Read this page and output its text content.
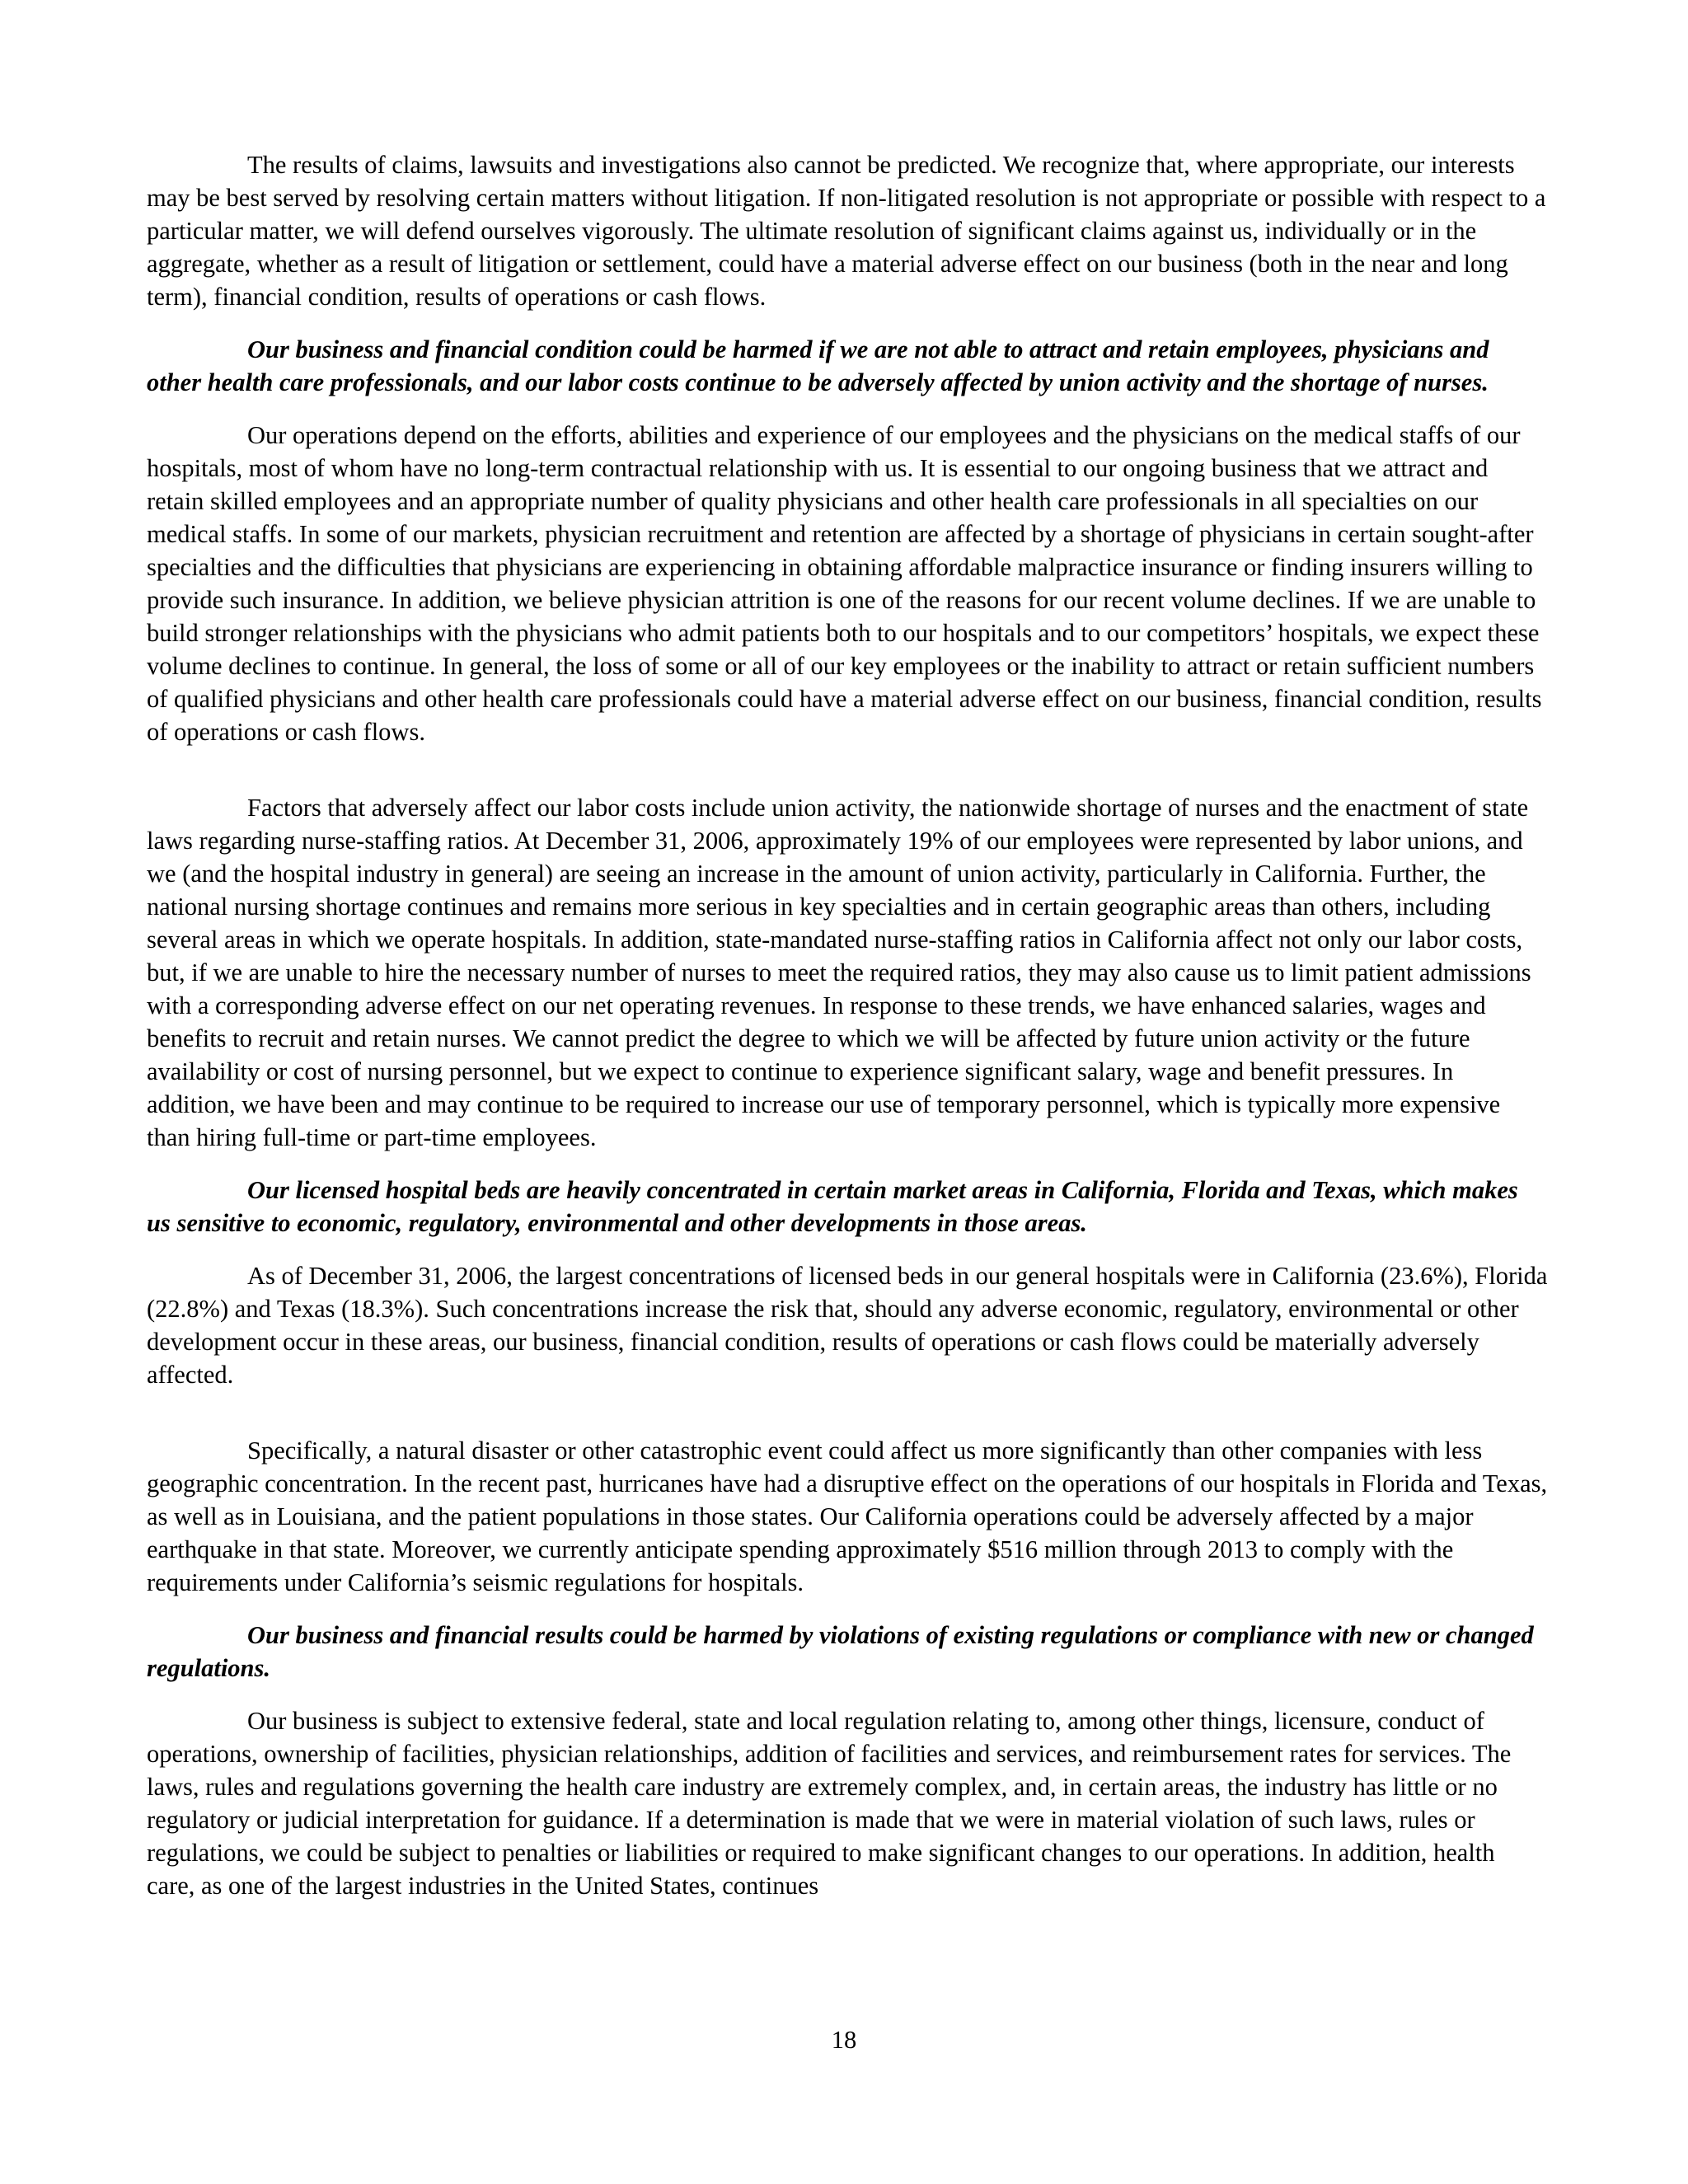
The results of claims, lawsuits and investigations also cannot be predicted. We recognize that, where appropriate, our interests may be best served by resolving certain matters without litigation. If non-litigated resolution is not appropriate or possible with respect to a particular matter, we will defend ourselves vigorously. The ultimate resolution of significant claims against us, individually or in the aggregate, whether as a result of litigation or settlement, could have a material adverse effect on our business (both in the near and long term), financial condition, results of operations or cash flows.

Our business and financial condition could be harmed if we are not able to attract and retain employees, physicians and other health care professionals, and our labor costs continue to be adversely affected by union activity and the shortage of nurses.

Our operations depend on the efforts, abilities and experience of our employees and the physicians on the medical staffs of our hospitals, most of whom have no long-term contractual relationship with us. It is essential to our ongoing business that we attract and retain skilled employees and an appropriate number of quality physicians and other health care professionals in all specialties on our medical staffs. In some of our markets, physician recruitment and retention are affected by a shortage of physicians in certain sought-after specialties and the difficulties that physicians are experiencing in obtaining affordable malpractice insurance or finding insurers willing to provide such insurance. In addition, we believe physician attrition is one of the reasons for our recent volume declines. If we are unable to build stronger relationships with the physicians who admit patients both to our hospitals and to our competitors’ hospitals, we expect these volume declines to continue. In general, the loss of some or all of our key employees or the inability to attract or retain sufficient numbers of qualified physicians and other health care professionals could have a material adverse effect on our business, financial condition, results of operations or cash flows.

Factors that adversely affect our labor costs include union activity, the nationwide shortage of nurses and the enactment of state laws regarding nurse-staffing ratios. At December 31, 2006, approximately 19% of our employees were represented by labor unions, and we (and the hospital industry in general) are seeing an increase in the amount of union activity, particularly in California. Further, the national nursing shortage continues and remains more serious in key specialties and in certain geographic areas than others, including several areas in which we operate hospitals. In addition, state-mandated nurse-staffing ratios in California affect not only our labor costs, but, if we are unable to hire the necessary number of nurses to meet the required ratios, they may also cause us to limit patient admissions with a corresponding adverse effect on our net operating revenues. In response to these trends, we have enhanced salaries, wages and benefits to recruit and retain nurses. We cannot predict the degree to which we will be affected by future union activity or the future availability or cost of nursing personnel, but we expect to continue to experience significant salary, wage and benefit pressures. In addition, we have been and may continue to be required to increase our use of temporary personnel, which is typically more expensive than hiring full-time or part-time employees.

Our licensed hospital beds are heavily concentrated in certain market areas in California, Florida and Texas, which makes us sensitive to economic, regulatory, environmental and other developments in those areas.

As of December 31, 2006, the largest concentrations of licensed beds in our general hospitals were in California (23.6%), Florida (22.8%) and Texas (18.3%). Such concentrations increase the risk that, should any adverse economic, regulatory, environmental or other development occur in these areas, our business, financial condition, results of operations or cash flows could be materially adversely affected.

Specifically, a natural disaster or other catastrophic event could affect us more significantly than other companies with less geographic concentration. In the recent past, hurricanes have had a disruptive effect on the operations of our hospitals in Florida and Texas, as well as in Louisiana, and the patient populations in those states. Our California operations could be adversely affected by a major earthquake in that state. Moreover, we currently anticipate spending approximately $516 million through 2013 to comply with the requirements under California’s seismic regulations for hospitals.

Our business and financial results could be harmed by violations of existing regulations or compliance with new or changed regulations.

Our business is subject to extensive federal, state and local regulation relating to, among other things, licensure, conduct of operations, ownership of facilities, physician relationships, addition of facilities and services, and reimbursement rates for services. The laws, rules and regulations governing the health care industry are extremely complex, and, in certain areas, the industry has little or no regulatory or judicial interpretation for guidance. If a determination is made that we were in material violation of such laws, rules or regulations, we could be subject to penalties or liabilities or required to make significant changes to our operations. In addition, health care, as one of the largest industries in the United States, continues

18
